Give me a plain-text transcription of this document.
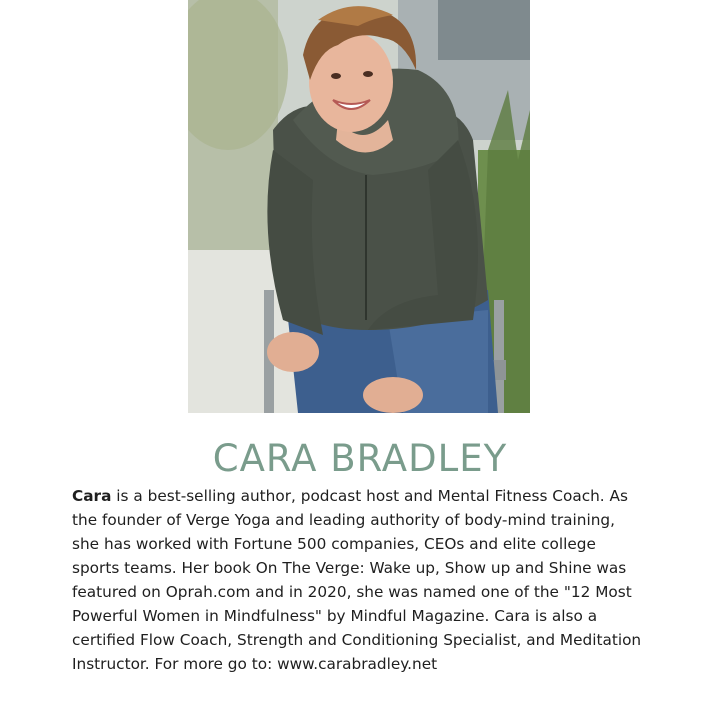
CARA BRADLEY

Cara is a best-selling author, podcast host and Mental Fitness Coach. As
the founder of Verge Yoga and leading authority of body-mind training,
she has worked with Fortune 500 companies, CEOs and elite college
sports teams. Her book On The Verge: Wake up, Show up and Shine was
featured on Oprah.com and in 2020, she was named one of the "12 Most
Powerful Women in Mindfulness" by Mindful Magazine. Cara is also a
certified Flow Coach, Strength and Conditioning Specialist, and Meditation
Instructor. For more go to: www.carabradley.net
